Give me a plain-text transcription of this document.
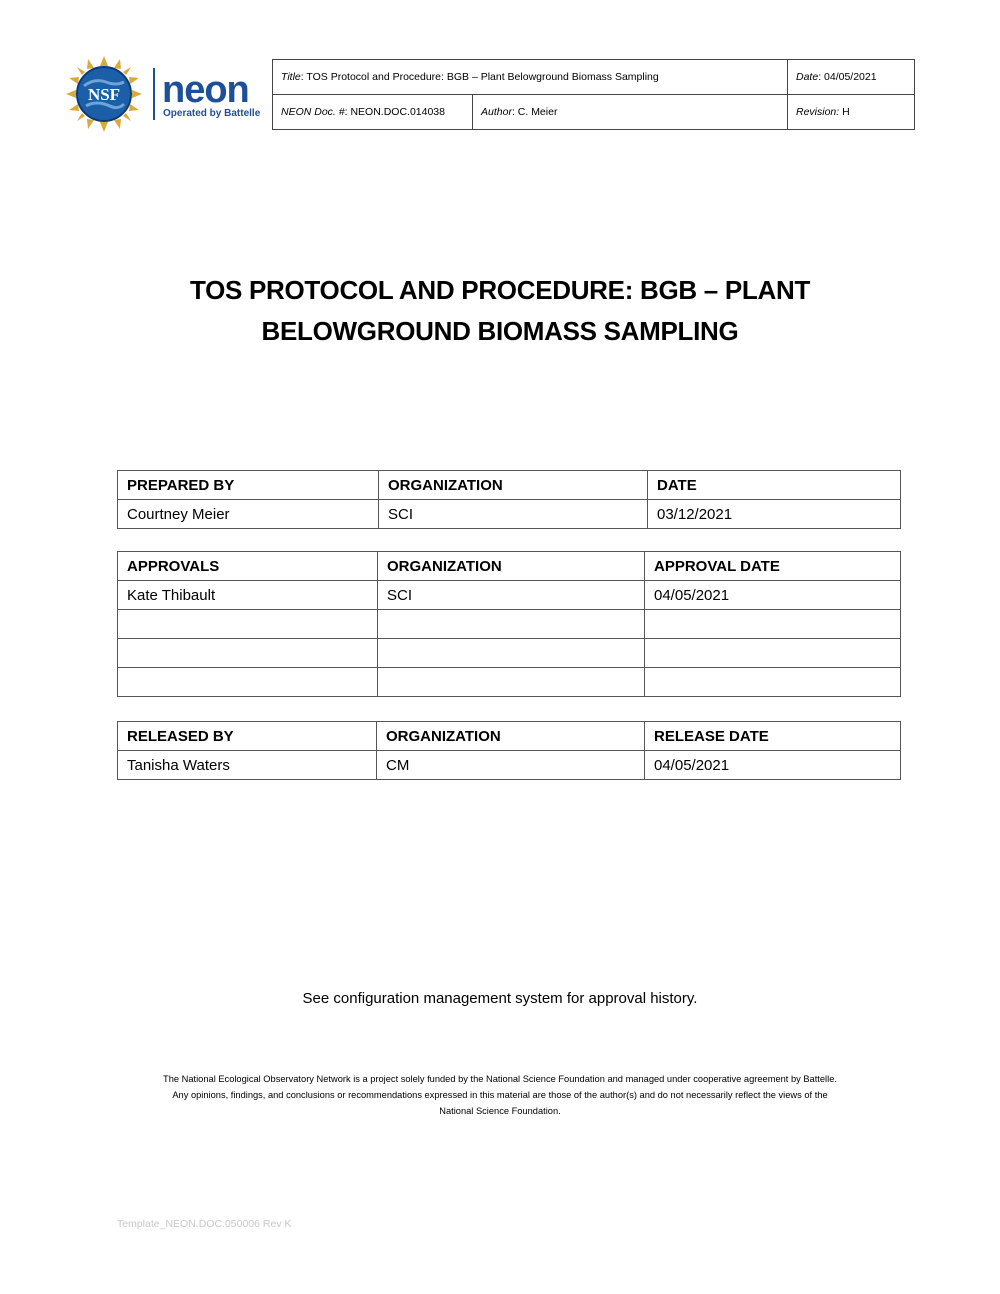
NSF neon
Operated by Battelle
Title: TOS Protocol and Procedure: BGB – Plant Belowground Biomass Sampling		Date: 04/05/2021
NEON Doc. #: NEON.DOC.014038	Author: C. Meier	Revision: H
TOS PROTOCOL AND PROCEDURE: BGB – PLANT
BELOWGROUND BIOMASS SAMPLING
PREPARED BY	ORGANIZATION	DATE
Courtney Meier	SCI	03/12/2021
APPROVALS	ORGANIZATION	APPROVAL DATE
Kate Thibault	SCI	04/05/2021

RELEASED BY	ORGANIZATION	RELEASE DATE
Tanisha Waters	CM	04/05/2021
See configuration management system for approval history.
The National Ecological Observatory Network is a project solely funded by the National Science Foundation and managed under cooperative agreement by Battelle.
Any opinions, findings, and conclusions or recommendations expressed in this material are those of the author(s) and do not necessarily reflect the views of the
National Science Foundation.
Template_NEON.DOC.050006 Rev K
